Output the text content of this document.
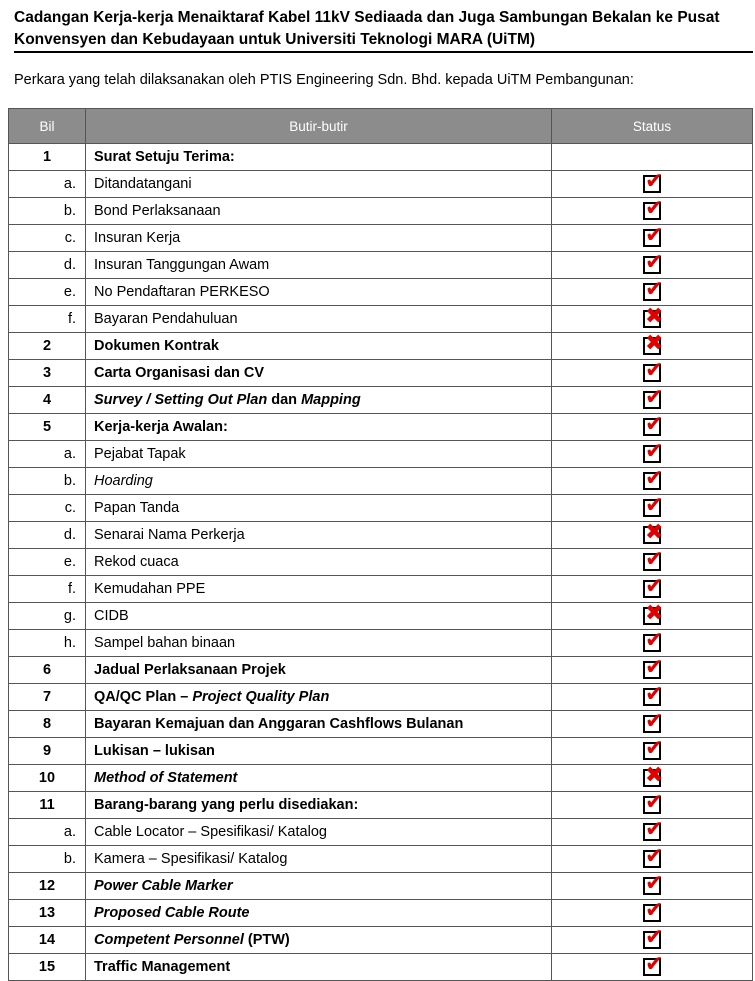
Cadangan Kerja-kerja Menaiktaraf Kabel 11kV Sediaada dan Juga Sambungan Bekalan ke Pusat Konvensyen dan Kebudayaan untuk Universiti Teknologi MARA (UiTM)
Perkara yang telah dilaksanakan oleh PTIS Engineering Sdn. Bhd. kepada UiTM Pembangunan:
Bil	Butir-butir	Status
1	Surat Setuju Terima:	
a.	Ditandatangani	✔

b.	Bond Perlaksanaan	✔

c.	Insuran Kerja	✔

d.	Insuran Tanggungan Awam	✔

e.	No Pendaftaran PERKESO	✔

f.	Bayaran Pendahuluan	✖

2	Dokumen Kontrak	✖

3	Carta Organisasi dan CV	✔

4	Survey / Setting Out Plan dan Mapping	✔

5	Kerja-kerja Awalan:	✔

a.	Pejabat Tapak	✔

b.	Hoarding	✔

c.	Papan Tanda	✔

d.	Senarai Nama Perkerja	✖

e.	Rekod cuaca	✔

f.	Kemudahan PPE	✔

g.	CIDB	✖

h.	Sampel bahan binaan	✔

6	Jadual Perlaksanaan Projek	✔

7	QA/QC Plan – Project Quality Plan	✔

8	Bayaran Kemajuan dan Anggaran Cashflows Bulanan	✔

9	Lukisan – lukisan	✔

10	Method of Statement	✖

11	Barang-barang yang perlu disediakan:	✔

a.	Cable Locator – Spesifikasi/ Katalog	✔

b.	Kamera – Spesifikasi/ Katalog	✔

12	Power Cable Marker	✔

13	Proposed Cable Route	✔

14	Competent Personnel (PTW)	✔

15	Traffic Management	✔
